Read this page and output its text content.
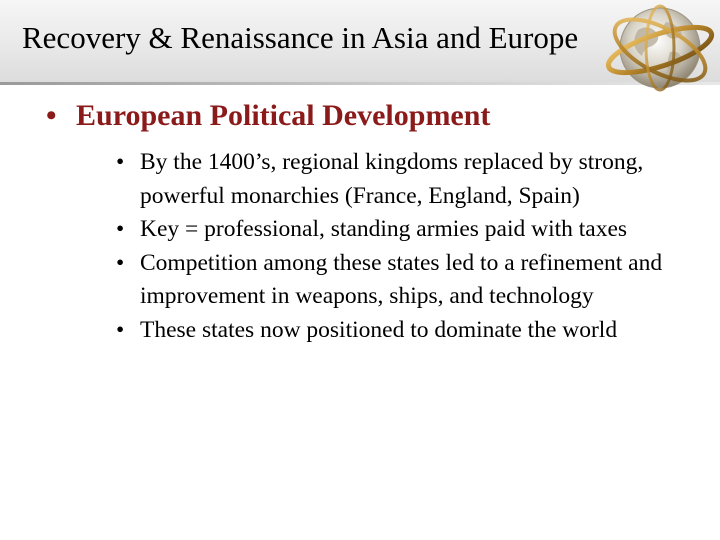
Recovery & Renaissance in Asia and Europe
• European Political Development
• By the 1400’s, regional kingdoms replaced by strong, powerful monarchies (France, England, Spain)
• Key = professional, standing armies paid with taxes
• Competition among these states led to a refinement and improvement in weapons, ships, and technology
• These states now positioned to dominate the world
